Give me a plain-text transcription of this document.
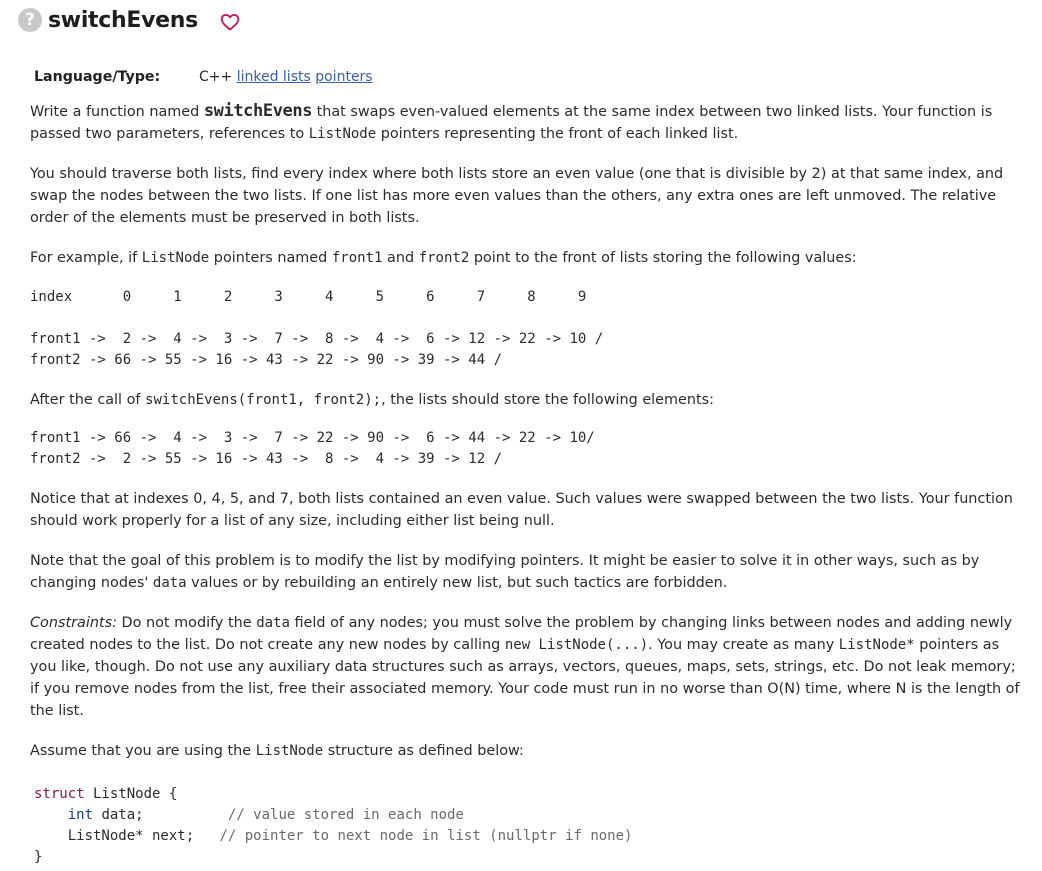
? switchEvens
Language/Type:	C++ linked lists pointers

Write a function named switchEvens that swaps even-valued elements at the same index between two linked lists. Your function is passed two parameters, references to ListNode pointers representing the front of each linked list.

You should traverse both lists, find every index where both lists store an even value (one that is divisible by 2) at that same index, and swap the nodes between the two lists. If one list has more even values than the others, any extra ones are left unmoved. The relative order of the elements must be preserved in both lists.

For example, if ListNode pointers named front1 and front2 point to the front of lists storing the following values:

index      0     1     2     3     4     5     6     7     8     9

front1 ->  2 ->  4 ->  3 ->  7 ->  8 ->  4 ->  6 -> 12 -> 22 -> 10 /
front2 -> 66 -> 55 -> 16 -> 43 -> 22 -> 90 -> 39 -> 44 /

After the call of switchEvens(front1, front2);, the lists should store the following elements:

front1 -> 66 ->  4 ->  3 ->  7 -> 22 -> 90 ->  6 -> 44 -> 22 -> 10/
front2 ->  2 -> 55 -> 16 -> 43 ->  8 ->  4 -> 39 -> 12 /

Notice that at indexes 0, 4, 5, and 7, both lists contained an even value. Such values were swapped between the two lists. Your function should work properly for a list of any size, including either list being null.

Note that the goal of this problem is to modify the list by modifying pointers. It might be easier to solve it in other ways, such as by changing nodes' data values or by rebuilding an entirely new list, but such tactics are forbidden.

Constraints: Do not modify the data field of any nodes; you must solve the problem by changing links between nodes and adding newly created nodes to the list. Do not create any new nodes by calling new ListNode(...). You may create as many ListNode* pointers as you like, though. Do not use any auxiliary data structures such as arrays, vectors, queues, maps, sets, strings, etc. Do not leak memory; if you remove nodes from the list, free their associated memory. Your code must run in no worse than O(N) time, where N is the length of the list.

Assume that you are using the ListNode structure as defined below:

struct ListNode {
int data;	// value stored in each node
ListNode* next; // pointer to next node in list (nullptr if none)
}
